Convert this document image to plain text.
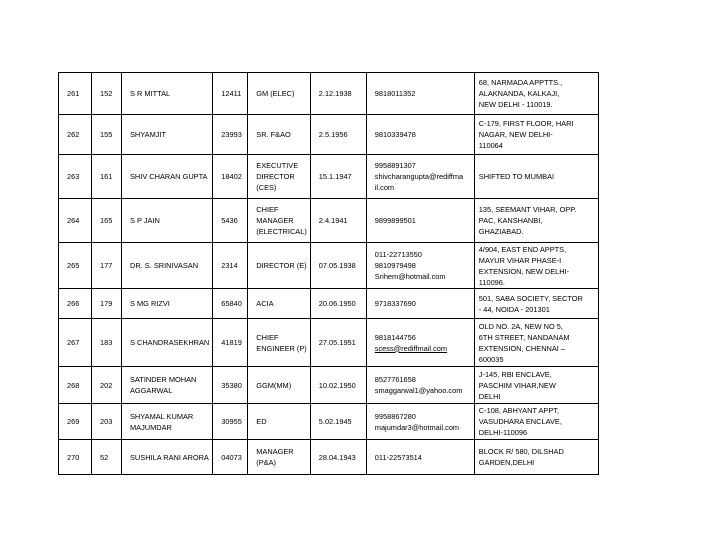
261	152	S R MITTAL	12411	GM (ELEC)	2.12.1938	9818011352	68, NARMADA APPTTS.,
ALAKNANDA, KALKAJI,
NEW DELHI - 110019.

262	155	SHYAMJIT	23993	SR. F&AO	2.5.1956	9810339478	C-179, FIRST FLOOR, HARI
NAGAR, NEW DELHI-
110064

263	161	SHIV CHARAN GUPTA	18402	EXECUTIVE
DIRECTOR
(CES)	15.1.1947	9958891307
shivcharangupta@rediffma
il.com	SHIFTED TO MUMBAI

264	165	S P JAIN	5436	CHIEF
MANAGER
(ELECTRICAL)	2.4.1941	9899899501	135, SEEMANT VIHAR, OPP.
PAC, KANSHANBI,
GHAZIABAD.

265	177	DR. S. SRINIVASAN	2314	DIRECTOR (E)	07.05.1938	011-22713550
9810979498
Srihem@hotmail.com	4/904, EAST END APPTS,
MAYUR VIHAR PHASE-I
EXTENSION, NEW DELHI-
110096.

266	179	S MG RIZVI	65840	ACIA	20.06.1950	9718337690	501, SABA SOCIETY, SECTOR
- 44, NOIDA - 201301

267	183	S CHANDRASEKHRAN	41819	CHIEF
ENGINEER (P)	27.05.1951	9818144756
scess@rediffmail.com	OLD NO. 2A, NEW NO 5,
6TH STREET, NANDANAM
EXTENSION, CHENNAI –
600035

268	202	SATINDER MOHAN
AGGARWAL	35380	GGM(MM)	10.02.1950	8527761658
smaggarwal1@yahoo.com	J-145, RBI ENCLAVE,
PASCHIM VIHAR,NEW
DELHI

269	203	SHYAMAL KUMAR
MAJUMDAR	30955	ED	5.02.1945	9958867280
majumdar3@hotmail.com	C-108, ABHYANT APPT,
VASUDHARA ENCLAVE,
DELHI-110096

270	52	SUSHILA RANI ARORA	04073	MANAGER
(P&A)	28.04.1943	011-22573514	BLOCK R/ 580, DILSHAD
GARDEN,DELHI
